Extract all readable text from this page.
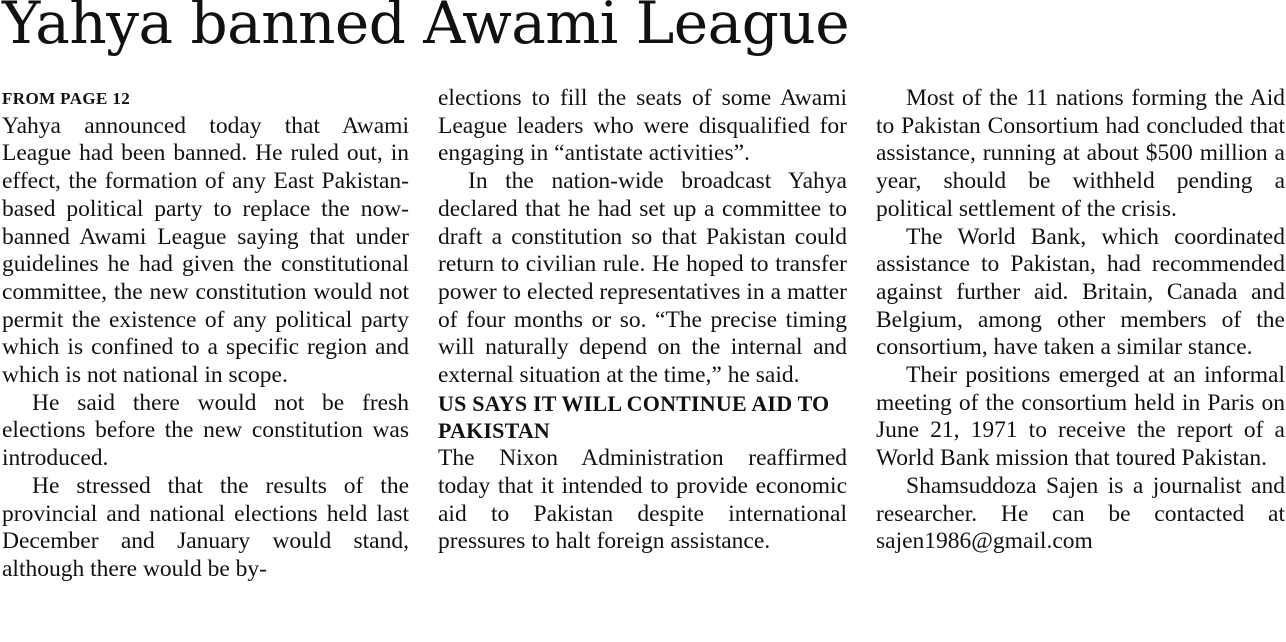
Yahya banned Awami League

FROM PAGE 12

Yahya announced today that Awami League had been banned. He ruled out, in effect, the formation of any East Pakistan-based political party to replace the now-banned Awami League saying that under guidelines he had given the constitutional committee, the new constitution would not permit the existence of any political party which is confined to a specific region and which is not national in scope.

He said there would not be fresh elections before the new constitution was introduced.

He stressed that the results of the provincial and national elections held last December and January would stand, although there would be by-

elections to fill the seats of some Awami League leaders who were disqualified for engaging in “antistate activities”.

In the nation-wide broadcast Yahya declared that he had set up a committee to draft a constitution so that Pakistan could return to civilian rule. He hoped to transfer power to elected representatives in a matter of four months or so. “The precise timing will naturally depend on the internal and external situation at the time,” he said.

US SAYS IT WILL CONTINUE AID TO PAKISTAN

The Nixon Administration reaffirmed today that it intended to provide economic aid to Pakistan despite international pressures to halt foreign assistance.

Most of the 11 nations forming the Aid to Pakistan Consortium had concluded that assistance, running at about $500 million a year, should be withheld pending a political settlement of the crisis.

The World Bank, which coordinated assistance to Pakistan, had recommended against further aid. Britain, Canada and Belgium, among other members of the consortium, have taken a similar stance.

Their positions emerged at an informal meeting of the consortium held in Paris on June 21, 1971 to receive the report of a World Bank mission that toured Pakistan.

Shamsuddoza Sajen is a journalist and researcher. He can be contacted at sajen1986@gmail.com
